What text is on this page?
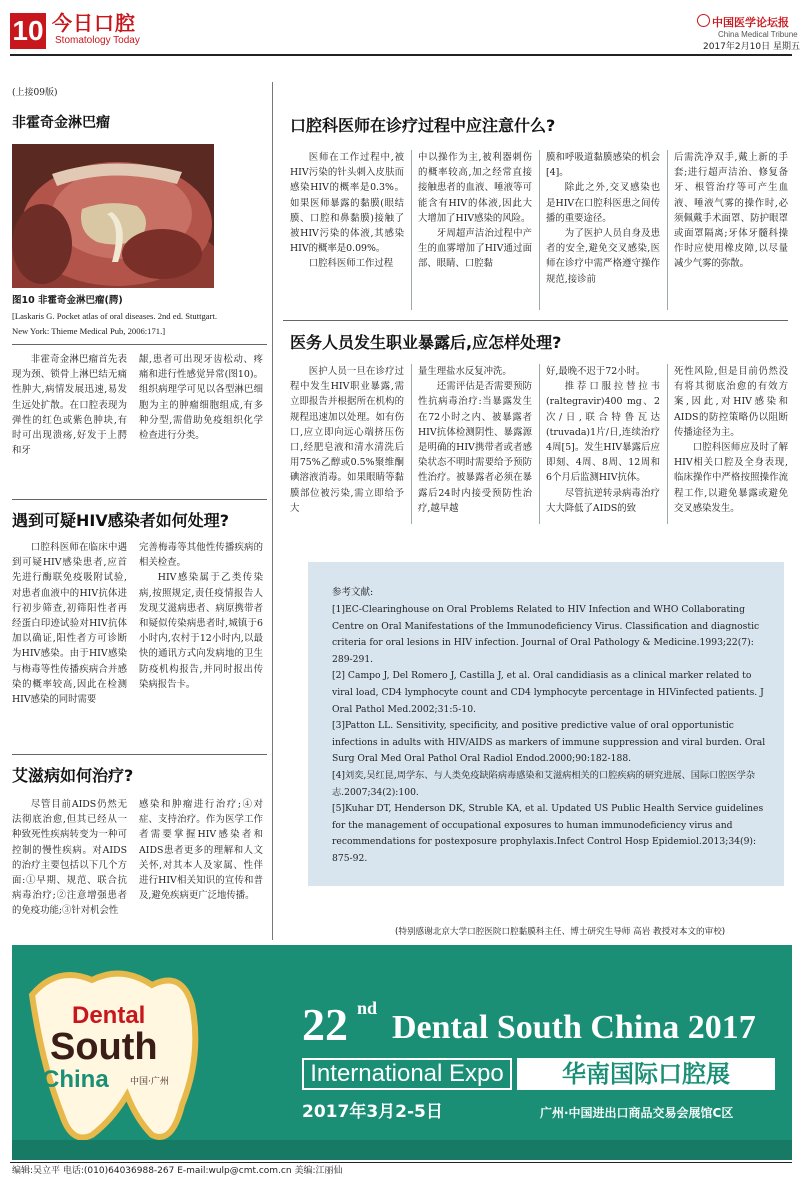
10 今日口腔
Stomatology Today
中国医学论坛报
China Medical Tribune
2017年2月10日 星期五
(上接09版)
非霍奇金淋巴瘤
图10 非霍奇金淋巴瘤(腭)
[Laskaris G. Pocket atlas of oral diseases. 2nd ed. Stuttgart. New York: Thieme Medical Pub, 2006:171.]

非霍奇金淋巴瘤首先表现为颈、锁骨上淋巴结无痛性肿大,病情发展迅速,易发生远处扩散。在口腔表现为弹性的红色或紫色肿块,有时可出现溃疡,好发于上腭和牙

龈,患者可出现牙齿松动、疼痛和进行性感觉异常(图10)。组织病理学可见以各型淋巴细胞为主的肿瘤细胞组成,有多种分型,需借助免疫组织化学检查进行分类。

遇到可疑HIV感染者如何处理?

口腔科医师在临床中遇到可疑HIV感染患者,应首先进行酶联免疫吸附试验,对患者血液中的HIV抗体进行初步筛查,初筛阳性者再经蛋白印迹试验对HIV抗体加以确证,阳性者方可诊断为HIV感染。由于HIV感染与梅毒等性传播疾病合并感染的概率较高,因此在检测HIV感染的同时需要

完善梅毒等其他性传播疾病的相关检查。

HIV感染属于乙类传染病,按照规定,责任疫情报告人发现艾滋病患者、病原携带者和疑似传染病患者时,城镇于6小时内,农村于12小时内,以最快的通讯方式向发病地的卫生防疫机构报告,并同时报出传染病报告卡。

艾滋病如何治疗?

尽管目前AIDS仍然无法彻底治愈,但其已经从一种致死性疾病转变为一种可控制的慢性疾病。对AIDS的治疗主要包括以下几个方面:①早期、规范、联合抗病毒治疗;②注意增强患者的免疫功能;③针对机会性

感染和肿瘤进行治疗;④对症、支持治疗。作为医学工作者需要掌握HIV感染者和AIDS患者更多的理解和人文关怀,对其本人及家属、性伴进行HIV相关知识的宣传和普及,避免疾病更广泛地传播。

口腔科医师在诊疗过程中应注意什么?

医师在工作过程中,被HIV污染的针头刺入皮肤而感染HIV的概率是0.3%。如果医师暴露的黏膜(眼结膜、口腔和鼻黏膜)接触了被HIV污染的体液,其感染HIV的概率是0.09%。

口腔科医师工作过程

中以操作为主,被利器刺伤的概率较高,加之经常直接接触患者的血液、唾液等可能含有HIV的体液,因此大大增加了HIV感染的风险。

牙周超声洁治过程中产生的血雾增加了HIV通过面部、眼睛、口腔黏

膜和呼吸道黏膜感染的机会[4]。

除此之外,交叉感染也是HIV在口腔科医患之间传播的重要途径。

为了医护人员自身及患者的安全,避免交叉感染,医师在诊疗中需严格遵守操作规范,接诊前

后需洗净双手,戴上新的手套;进行超声洁治、修复备牙、根管治疗等可产生血液、唾液气雾的操作时,必须佩戴手术面罩、防护眼罩或面罩隔离;牙体牙髓科操作时应使用橡皮障,以尽量减少气雾的弥散。

医务人员发生职业暴露后,应怎样处理?

医护人员一旦在诊疗过程中发生HIV职业暴露,需立即报告并根据所在机构的规程迅速加以处理。如有伤口,应立即向远心端挤压伤口,经肥皂液和清水清洗后用75%乙醇或0.5%聚维酮碘溶液消毒。如果眼睛等黏膜部位被污染,需立即给予大

量生理盐水反复冲洗。

还需评估是否需要预防性抗病毒治疗:当暴露发生在72小时之内、被暴露者HIV抗体检测阴性、暴露源是明确的HIV携带者或者感染状态不明时需要给予预防性治疗。被暴露者必须在暴露后24时内接受预防性治疗,越早越

好,最晚不迟于72小时。

推荐口服拉替拉韦(raltegravir)400 mg、2次/日,联合特鲁瓦达(truvada)1片/日,连续治疗4周[5]。发生HIV暴露后应即刻、4周、8周、12周和6个月后监测HIV抗体。

尽管抗逆转录病毒治疗大大降低了AIDS的致

死性风险,但是目前仍然没有将其彻底治愈的有效方案,因此,对HIV感染和AIDS的防控策略仍以阻断传播途径为主。

口腔科医师应及时了解HIV相关口腔及全身表现,临床操作中严格按照操作流程工作,以避免暴露或避免交叉感染发生。

参考文献:

[1]EC-Clearinghouse on Oral Problems Related to HIV Infection and WHO Collaborating Centre on Oral Manifestations of the Immunodeficiency Virus. Classification and diagnostic criteria for oral lesions in HIV infection. Journal of Oral Pathology & Medicine.1993;22(7): 289-291.

[2] Campo J, Del Romero J, Castilla J, et al. Oral candidiasis as a clinical marker related to viral load, CD4 lymphocyte count and CD4 lymphocyte percentage in HIVinfected patients. J Oral Pathol Med.2002;31:5-10.

[3]Patton LL. Sensitivity, specificity, and positive predictive value of oral opportunistic infections in adults with HIV/AIDS as markers of immune suppression and viral burden. Oral Surg Oral Med Oral Pathol Oral Radiol Endod.2000;90:182-188.

[4]刘奕,吴红昆,周学东、与人类免疫缺陷病毒感染和艾滋病相关的口腔疾病的研究进展、国际口腔医学杂志.2007;34(2):100.

[5]Kuhar DT, Henderson DK, Struble KA, et al. Updated US Public Health Service guidelines for the management of occupational exposures to human immunodeficiency virus and recommendations for postexposure prophylaxis.Infect Control Hosp Epidemiol.2013;34(9): 875-92.

(特别感谢北京大学口腔医院口腔黏膜科主任、博士研究生导师 高岩 教授对本文的审校)
Dental
South
China 中国·广州
22 nd
Dental South China 2017
International Expo	华南国际口腔展
2017年3月2-5日	广州·中国进出口商品交易会展馆C区
编辑:吴立平 电话:(010)64036988-267 E-mail:wulp@cmt.com.cn 美编:江丽仙
